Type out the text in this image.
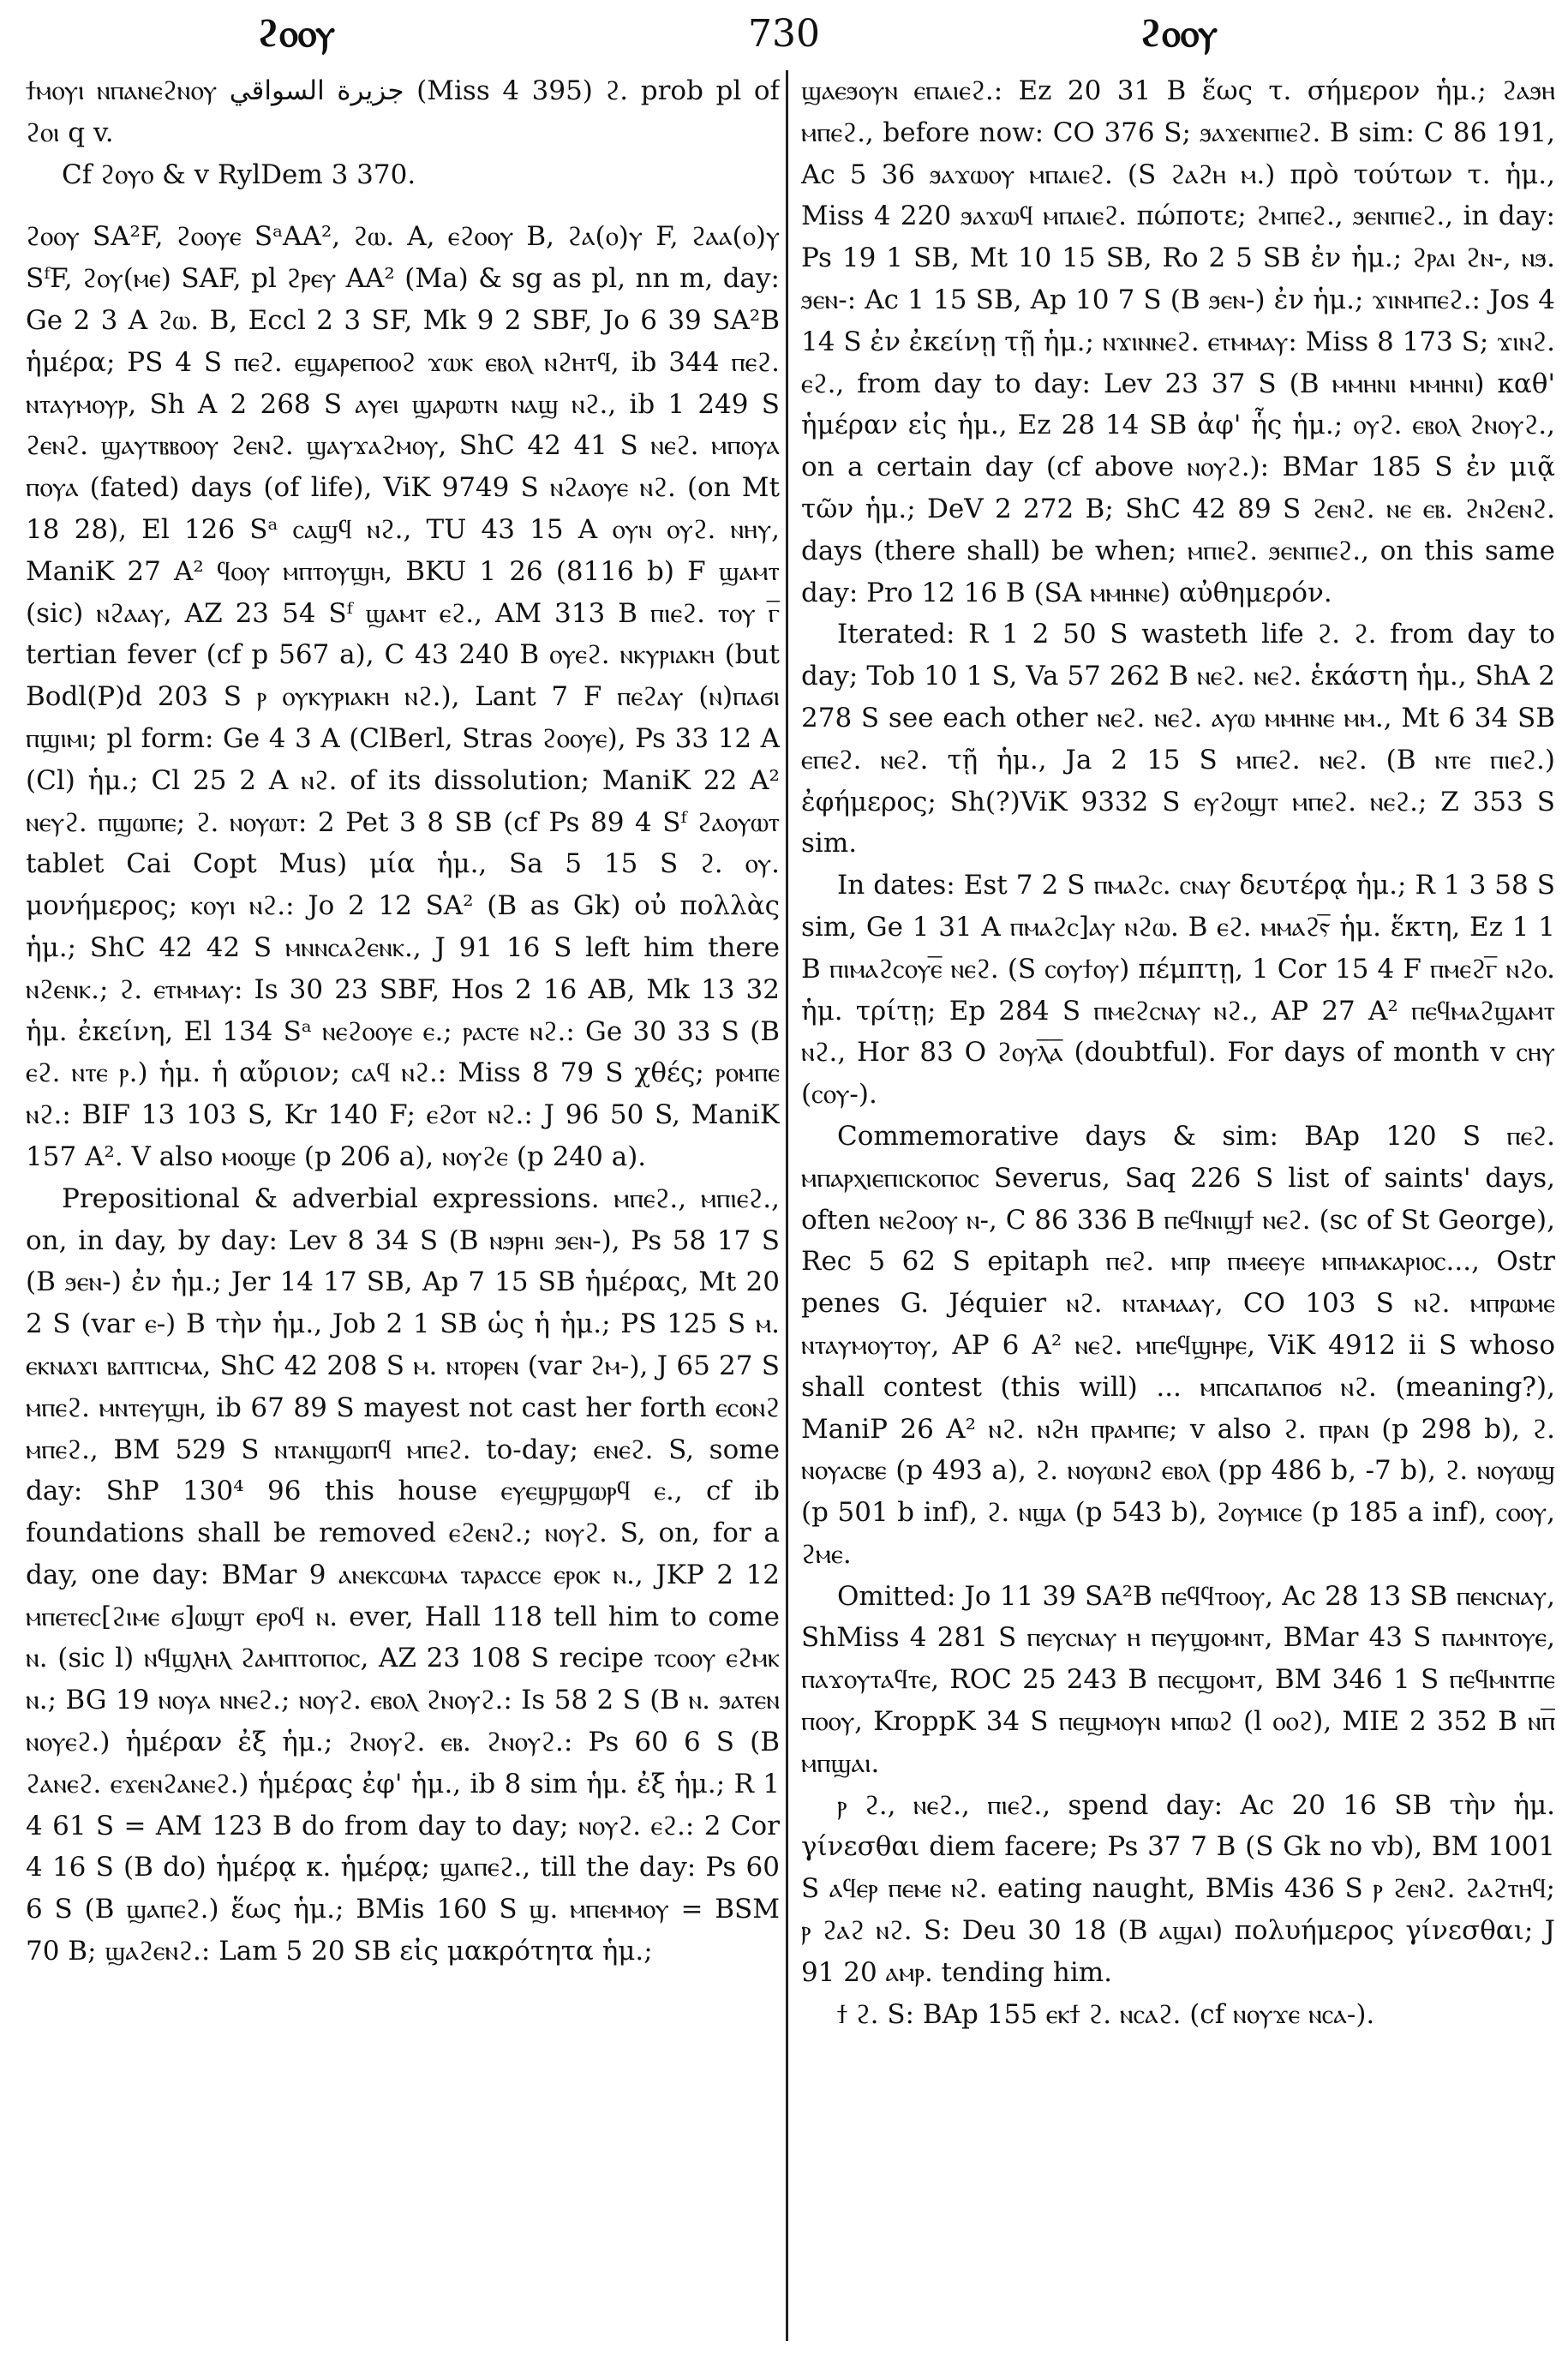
ϩⲟⲟⲩ	730	ϩⲟⲟⲩ

ϯⲙⲟⲩⲓ ⲛⲡⲁⲛⲉϩⲛⲟⲩ جزيرة السواقي (Miss 4 395) ϩ. prob pl of ϩⲟⲓ q v.

Cf ϩⲟⲩⲟ & v RylDem 3 370.

ϩⲟⲟⲩ SA²F, ϩⲟⲟⲩⲉ SᵃAA², ϩⲱ. A, ⲉϩⲟⲟⲩ B, ϩⲁ(ⲟ)ⲩ F, ϩⲁⲁ(ⲟ)ⲩ SᶠF, ϩⲟⲩ(ⲙⲉ) SAF, pl ϩⲣⲉⲩ AA² (Ma) & sg as pl, nn m, day: Ge 2 3 A ϩⲱ. B, Eccl 2 3 SF, Mk 9 2 SBF, Jo 6 39 SA²B ἡμέρα; PS 4 S ⲡⲉϩ. ⲉϣⲁⲣⲉⲡⲟⲟϩ ϫⲱⲕ ⲉⲃⲟⲗ ⲛϩⲏⲧϥ, ib 344 ⲡⲉϩ. ⲛⲧⲁⲩⲙⲟⲩⲣ, Sh A 2 268 S ⲁⲩⲉⲓ ϣⲁⲣⲱⲧⲛ ⲛⲁϣ ⲛϩ., ib 1 249 S ϩⲉⲛϩ. ϣⲁⲩⲧⲃⲃⲟⲟⲩ ϩⲉⲛϩ. ϣⲁⲩϫⲁϩⲙⲟⲩ, ShC 42 41 S ⲛⲉϩ. ⲙⲡⲟⲩⲁ ⲡⲟⲩⲁ (fated) days (of life), ViK 9749 S ⲛϩⲁⲟⲩⲉ ⲛϩ. (on Mt 18 28), El 126 Sᵃ ⲥⲁϣϥ ⲛϩ., TU 43 15 A ⲟⲩⲛ ⲟⲩϩ. ⲛⲏⲩ, ManiK 27 A² ϥⲟⲟⲩ ⲙⲡⲧⲟⲩϣⲏ, BKU 1 26 (8116 b) F ϣⲁⲙⲧ (sic) ⲛϩⲁⲁⲩ, AZ 23 54 Sᶠ ϣⲁⲙⲧ ⲉϩ., AM 313 B ⲡⲓⲉϩ. ⲧⲟⲩ ⲅ̅ tertian fever (cf p 567 a), C 43 240 B ⲟⲩⲉϩ. ⲛⲕⲩⲣⲓⲁⲕⲏ (but Bodl(P)d 203 S ⲣ ⲟⲩⲕⲩⲣⲓⲁⲕⲏ ⲛϩ.), Lant 7 F ⲡⲉϩⲁⲩ (ⲛ)ⲡⲁϭⲓ ⲡϣⲓⲙⲓ; pl form: Ge 4 3 A (ClBerl, Stras ϩⲟⲟⲩⲉ), Ps 33 12 A (Cl) ἡμ.; Cl 25 2 A ⲛϩ. of its dissolution; ManiK 22 A² ⲛⲉⲩϩ. ⲡϣⲱⲡⲉ; ϩ. ⲛⲟⲩⲱⲧ: 2 Pet 3 8 SB (cf Ps 89 4 Sᶠ ϩⲁⲟⲩⲱⲧ tablet Cai Copt Mus) μία ἡμ., Sa 5 15 S ϩ. ⲟⲩ. μονήμερος; ⲕⲟⲩⲓ ⲛϩ.: Jo 2 12 SA² (B as Gk) οὐ πολλὰς ἡμ.; ShC 42 42 S ⲙⲛⲛⲥⲁϩⲉⲛⲕ., J 91 16 S left him there ⲛϩⲉⲛⲕ.; ϩ. ⲉⲧⲙⲙⲁⲩ: Is 30 23 SBF, Hos 2 16 AB, Mk 13 32 ἡμ. ἐκείνη, El 134 Sᵃ ⲛⲉϩⲟⲟⲩⲉ ⲉ.; ⲣⲁⲥⲧⲉ ⲛϩ.: Ge 30 33 S (B ⲉϩ. ⲛⲧⲉ ⲣ.) ἡμ. ἡ αὔριον; ⲥⲁϥ ⲛϩ.: Miss 8 79 S χθές; ⲣⲟⲙⲡⲉ ⲛϩ.: BIF 13 103 S, Kr 140 F; ⲉϩⲟⲧ ⲛϩ.: J 96 50 S, ManiK 157 A². V also ⲙⲟⲟϣⲉ (p 206 a), ⲛⲟⲩϩⲉ (p 240 a).

Prepositional & adverbial expressions. ⲙⲡⲉϩ., ⲙⲡⲓⲉϩ., on, in day, by day: Lev 8 34 S (B ⲛϧⲣⲏⲓ ϧⲉⲛ-), Ps 58 17 S (B ϧⲉⲛ-) ἐν ἡμ.; Jer 14 17 SB, Ap 7 15 SB ἡμέρας, Mt 20 2 S (var ⲉ-) B τὴν ἡμ., Job 2 1 SB ὡς ἡ ἡμ.; PS 125 S ⲙ. ⲉⲕⲛⲁϫⲓ ⲃⲁⲡⲧⲓⲥⲙⲁ, ShC 42 208 S ⲙ. ⲛⲧⲟⲣⲉⲛ (var ϩⲙ-), J 65 27 S ⲙⲡⲉϩ. ⲙⲛⲧⲉⲩϣⲏ, ib 67 89 S mayest not cast her forth ⲉⲥⲟⲛϩ ⲙⲡⲉϩ., BM 529 S ⲛⲧⲁⲛϣⲱⲡϥ ⲙⲡⲉϩ. to-day; ⲉⲛⲉϩ. S, some day: ShP 130⁴ 96 this house ⲉⲩⲉϣⲣϣⲱⲣϥ ⲉ., cf ib foundations shall be removed ⲉϩⲉⲛϩ.; ⲛⲟⲩϩ. S, on, for a day, one day: BMar 9 ⲁⲛⲉⲕⲥⲱⲙⲁ ⲧⲁⲣⲁⲥⲥⲉ ⲉⲣⲟⲕ ⲛ., JKP 2 12 ⲙⲡⲉⲧⲉⲥ[ϩⲓⲙⲉ ϭ]ⲱϣⲧ ⲉⲣⲟϥ ⲛ. ever, Hall 118 tell him to come ⲛ. (sic l) ⲛϥϣⲗⲏⲗ ϩⲁⲙⲡⲧⲟⲡⲟⲥ, AZ 23 108 S recipe ⲧⲥⲟⲟⲩ ⲉϩⲙⲕ ⲛ.; BG 19 ⲛⲟⲩⲁ ⲛⲛⲉϩ.; ⲛⲟⲩϩ. ⲉⲃⲟⲗ ϩⲛⲟⲩϩ.: Is 58 2 S (B ⲛ. ϧⲁⲧⲉⲛ ⲛⲟⲩⲉϩ.) ἡμέραν ἐξ ἡμ.; ϩⲛⲟⲩϩ. ⲉⲃ. ϩⲛⲟⲩϩ.: Ps 60 6 S (B ϩⲁⲛⲉϩ. ⲉϫⲉⲛϩⲁⲛⲉϩ.) ἡμέρας ἐφ' ἡμ., ib 8 sim ἡμ. ἐξ ἡμ.; R 1 4 61 S = AM 123 B do from day to day; ⲛⲟⲩϩ. ⲉϩ.: 2 Cor 4 16 S (B do) ἡμέρᾳ κ. ἡμέρᾳ; ϣⲁⲡⲉϩ., till the day: Ps 60 6 S (B ϣⲁⲡⲉϩ.) ἕως ἡμ.; BMis 160 S ϣ. ⲙⲡⲉⲙⲙⲟⲩ = BSM 70 B; ϣⲁϩⲉⲛϩ.: Lam 5 20 SB εἰς μακρότητα ἡμ.;

ϣⲁⲉϧⲟⲩⲛ ⲉⲡⲁⲓⲉϩ.: Ez 20 31 B ἕως τ. σήμερον ἡμ.; ϩⲁϧⲏ ⲙⲡⲉϩ., before now: CO 376 S; ϧⲁϫⲉⲛⲡⲓⲉϩ. B sim: C 86 191, Ac 5 36 ϧⲁϫⲱⲟⲩ ⲙⲡⲁⲓⲉϩ. (S ϩⲁϩⲏ ⲙ.) πρὸ τούτων τ. ἡμ., Miss 4 220 ϧⲁϫⲱϥ ⲙⲡⲁⲓⲉϩ. πώποτε; ϩⲙⲡⲉϩ., ϧⲉⲛⲡⲓⲉϩ., in day: Ps 19 1 SB, Mt 10 15 SB, Ro 2 5 SB ἐν ἡμ.; ϩⲣⲁⲓ ϩⲛ-, ⲛϧ. ϧⲉⲛ-: Ac 1 15 SB, Ap 10 7 S (B ϧⲉⲛ-) ἐν ἡμ.; ϫⲓⲛⲙⲡⲉϩ.: Jos 4 14 S ἐν ἐκείνῃ τῇ ἡμ.; ⲛϫⲓⲛⲛⲉϩ. ⲉⲧⲙⲙⲁⲩ: Miss 8 173 S; ϫⲓⲛϩ. ⲉϩ., from day to day: Lev 23 37 S (B ⲙⲙⲏⲛⲓ ⲙⲙⲏⲛⲓ) καθ' ἡμέραν εἰς ἡμ., Ez 28 14 SB ἀφ' ἧς ἡμ.; ⲟⲩϩ. ⲉⲃⲟⲗ ϩⲛⲟⲩϩ., on a certain day (cf above ⲛⲟⲩϩ.): BMar 185 S ἐν μιᾷ τῶν ἡμ.; DeV 2 272 B; ShC 42 89 S ϩⲉⲛϩ. ⲛⲉ ⲉⲃ. ϩⲛϩⲉⲛϩ. days (there shall) be when; ⲙⲡⲓⲉϩ. ϧⲉⲛⲡⲓⲉϩ., on this same day: Pro 12 16 B (SA ⲙⲙⲏⲛⲉ) αὐθημερόν.

Iterated: R 1 2 50 S wasteth life ϩ. ϩ. from day to day; Tob 10 1 S, Va 57 262 B ⲛⲉϩ. ⲛⲉϩ. ἑκάστη ἡμ., ShA 2 278 S see each other ⲛⲉϩ. ⲛⲉϩ. ⲁⲩⲱ ⲙⲙⲏⲛⲉ ⲙⲙ., Mt 6 34 SB ⲉⲡⲉϩ. ⲛⲉϩ. τῇ ἡμ., Ja 2 15 S ⲙⲡⲉϩ. ⲛⲉϩ. (B ⲛⲧⲉ ⲡⲓⲉϩ.) ἐφήμερος; Sh(?)ViK 9332 S ⲉⲩϩⲟϣⲧ ⲙⲡⲉϩ. ⲛⲉϩ.; Z 353 S sim.

In dates: Est 7 2 S ⲡⲙⲁϩⲥ. ⲥⲛⲁⲩ δευτέρᾳ ἡμ.; R 1 3 58 S sim, Ge 1 31 A ⲡⲙⲁϩⲥ]ⲁⲩ ⲛϩⲱ. B ⲉϩ. ⲙⲙⲁϩⲋ̅ ἡμ. ἕκτη, Ez 1 1 B ⲡⲓⲙⲁϩⲥⲟⲩⲉ̅ ⲛⲉϩ. (S ⲥⲟⲩϯⲟⲩ) πέμπτῃ, 1 Cor 15 4 F ⲡⲙⲉϩⲅ̅ ⲛϩⲟ. ἡμ. τρίτῃ; Ep 284 S ⲡⲙⲉϩⲥⲛⲁⲩ ⲛϩ., AP 27 A² ⲡⲉϥⲙⲁϩϣⲁⲙⲧ ⲛϩ., Hor 83 O ϩⲟⲩⲗ̅ⲁ̅ (doubtful). For days of month v ⲥⲏⲩ (ⲥⲟⲩ-).

Commemorative days & sim: BAp 120 S ⲡⲉϩ. ⲙⲡⲁⲣⲭⲓⲉⲡⲓⲥⲕⲟⲡⲟⲥ Severus, Saq 226 S list of saints' days, often ⲛⲉϩⲟⲟⲩ ⲛ-, C 86 336 B ⲡⲉϥⲛⲓϣϯ ⲛⲉϩ. (sc of St George), Rec 5 62 S epitaph ⲡⲉϩ. ⲙⲡⲣ ⲡⲙⲉⲉⲩⲉ ⲙⲡⲙⲁⲕⲁⲣⲓⲟⲥ..., Ostr penes G. Jéquier ⲛϩ. ⲛⲧⲁⲙⲁⲁⲩ, CO 103 S ⲛϩ. ⲙⲡⲣⲱⲙⲉ ⲛⲧⲁⲩⲙⲟⲩⲧⲟⲩ, AP 6 A² ⲛⲉϩ. ⲙⲡⲉϥϣⲏⲣⲉ, ViK 4912 ii S whoso shall contest (this will) ... ⲙⲡⲥⲁⲡⲁⲡⲟϭ ⲛϩ. (meaning?), ManiP 26 A² ⲛϩ. ⲛϩⲏ ⲡⲣⲁⲙⲡⲉ; v also ϩ. ⲡⲣⲁⲛ (p 298 b), ϩ. ⲛⲟⲩⲁⲥⲃⲉ (p 493 a), ϩ. ⲛⲟⲩⲱⲛϩ ⲉⲃⲟⲗ (pp 486 b, -7 b), ϩ. ⲛⲟⲩⲱϣ (p 501 b inf), ϩ. ⲛϣⲁ (p 543 b), ϩⲟⲩⲙⲓⲥⲉ (p 185 a inf), ⲥⲟⲟⲩ, ϩⲙⲉ.

Omitted: Jo 11 39 SA²B ⲡⲉϥϥⲧⲟⲟⲩ, Ac 28 13 SB ⲡⲉⲛⲥⲛⲁⲩ, ShMiss 4 281 S ⲡⲉⲩⲥⲛⲁⲩ ⲏ ⲡⲉⲩϣⲟⲙⲛⲧ, BMar 43 S ⲡⲁⲙⲛⲧⲟⲩⲉ, ⲡⲁϫⲟⲩⲧⲁϥⲧⲉ, ROC 25 243 B ⲡⲉⲥϣⲟⲙⲧ, BM 346 1 S ⲡⲉϥⲙⲛⲧⲡⲉ ⲡⲟⲟⲩ, KroppK 34 S ⲡⲉϣⲙⲟⲩⲛ ⲙⲡⲱϩ (l ⲟⲟϩ), MIE 2 352 B ⲛⲡ̅ ⲙⲡϣⲁⲓ.

ⲣ ϩ., ⲛⲉϩ., ⲡⲓⲉϩ., spend day: Ac 20 16 SB τὴν ἡμ. γίνεσθαι diem facere; Ps 37 7 B (S Gk no vb), BM 1001 S ⲁϥⲉⲣ ⲡⲉⲙⲉ ⲛϩ. eating naught, BMis 436 S ⲣ ϩⲉⲛϩ. ϩⲁϩⲧⲏϥ; ⲣ ϩⲁϩ ⲛϩ. S: Deu 30 18 (B ⲁϣⲁⲓ) πολυήμερος γίνεσθαι; J 91 20 ⲁⲙⲣ. tending him.

ϯ ϩ. S: BAp 155 ⲉⲕϯ ϩ. ⲛⲥⲁϩ. (cf ⲛⲟⲩϫⲉ ⲛⲥⲁ-).
